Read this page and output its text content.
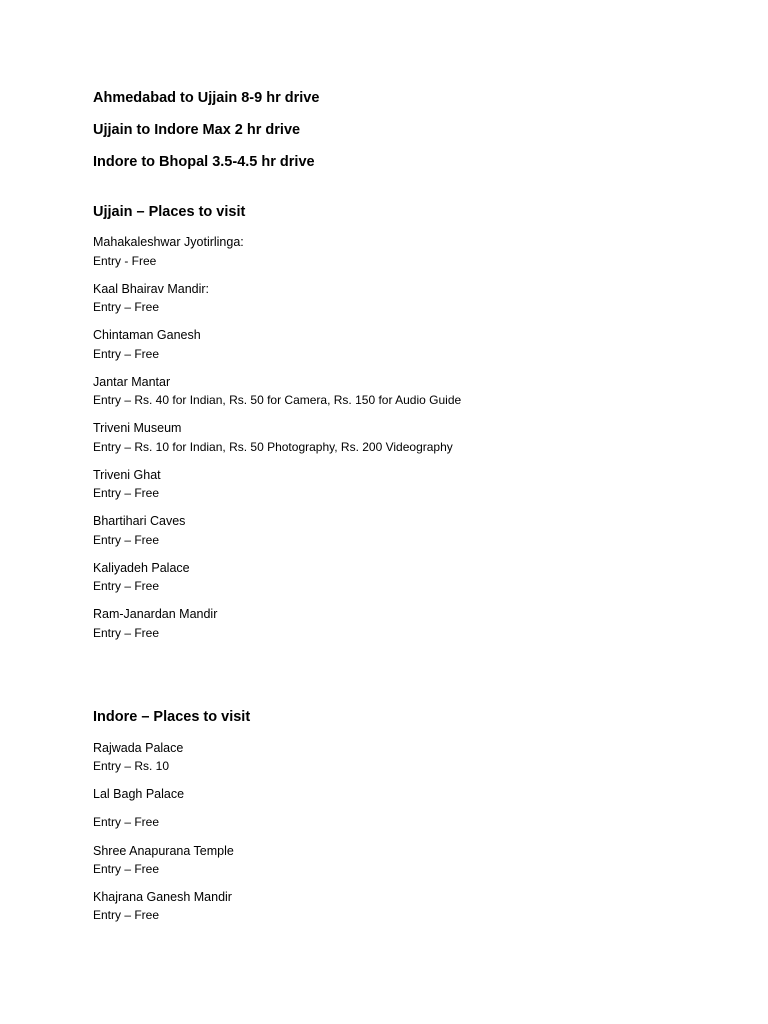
Ahmedabad to Ujjain 8-9 hr drive

Ujjain to Indore Max 2 hr drive

Indore to Bhopal 3.5-4.5 hr drive

Ujjain – Places to visit

Mahakaleshwar Jyotirlinga:

Entry - Free

Kaal Bhairav Mandir:

Entry – Free

Chintaman Ganesh

Entry – Free

Jantar Mantar

Entry – Rs. 40 for Indian, Rs. 50 for Camera, Rs. 150 for Audio Guide

Triveni Museum

Entry – Rs. 10 for Indian, Rs. 50 Photography, Rs. 200 Videography

Triveni Ghat

Entry – Free

Bhartihari Caves

Entry – Free

Kaliyadeh Palace

Entry – Free

Ram-Janardan Mandir

Entry – Free

Indore – Places to visit

Rajwada Palace

Entry – Rs. 10

Lal Bagh Palace

Entry – Free

Shree Anapurana Temple

Entry – Free

Khajrana Ganesh Mandir

Entry – Free
